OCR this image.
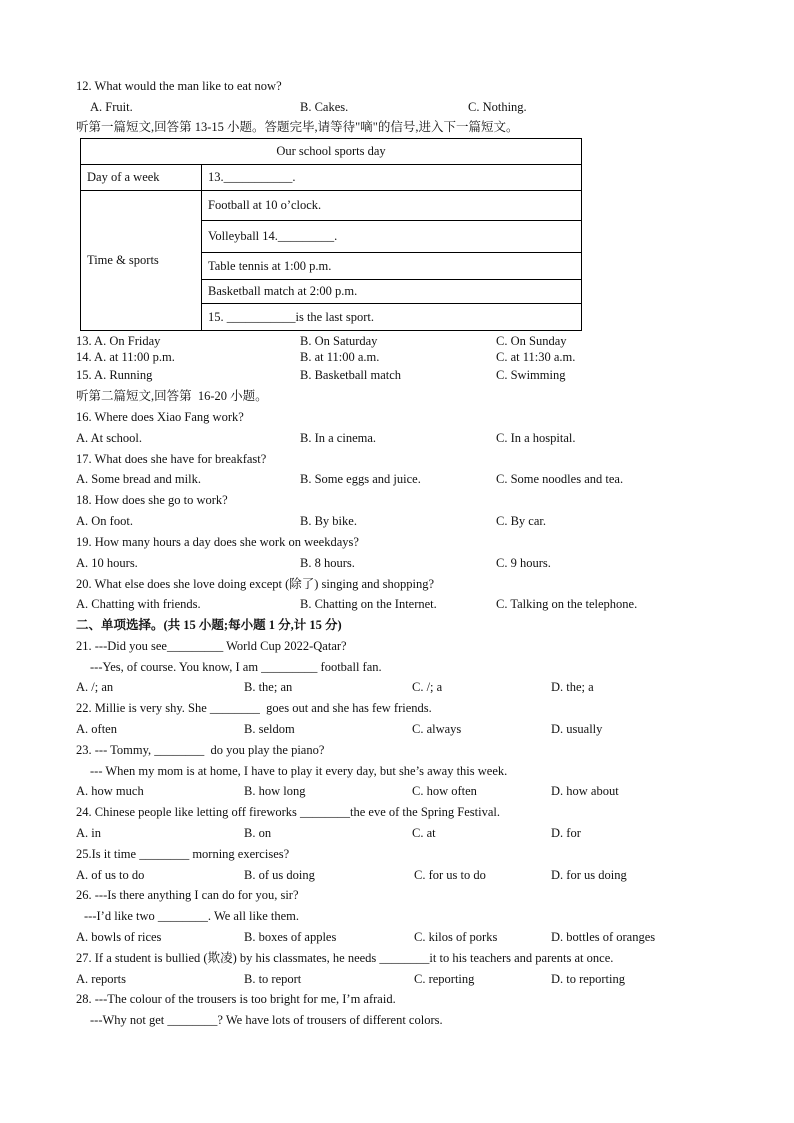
12. What would the man like to eat now?

A. Fruit.

	B. Cakes.

	C. Nothing.

听第一篇短文,回答第 13-15 小题。答题完毕,请等待"嘀"的信号,进入下一篇短文。
Our school sports day	
Day of a week	13.___________.
Time & sports	Football at 10 o’clock.
	Volleyball 14._________.
	Table tennis at 1:00 p.m.
	Basketball match at 2:00 p.m.
	15. ___________is the last sport.

13. A. On Friday

	B. On Saturday

	C. On Sunday

14. A. at 11:00 p.m.

	B. at 11:00 a.m.

	C. at 11:30 a.m.

15. A. Running

	B. Basketball match

	C. Swimming

听第二篇短文,回答第  16-20 小题。
16. Where does Xiao Fang work?

A. At school.

	B. In a cinema.

	C. In a hospital.

17. What does she have for breakfast?

A. Some bread and milk.

	B. Some eggs and juice.

	C. Some noodles and tea.

18. How does she go to work?

A. On foot.

	B. By bike.

	C. By car.

19. How many hours a day does she work on weekdays?

A. 10 hours.

	B. 8 hours.

	C. 9 hours.

20. What else does she love doing except (除了) singing and shopping?

A. Chatting with friends.

	B. Chatting on the Internet.

	C. Talking on the telephone.

二、单项选择。(共 15 小题;每小题 1 分,计 15 分)
21. ---Did you see_________ World Cup 2022-Qatar?
---Yes, of course. You know, I am _________ football fan.

A. /; an

	B. the; an

	C. /; a

	D. the; a

22. Millie is very shy. She ________  goes out and she has few friends.

A. often

	B. seldom

	C. always

	D. usually

23. --- Tommy, ________  do you play the piano?
--- When my mom is at home, I have to play it every day, but she’s away this week.

A. how much

	B. how long

	C. how often

	D. how about

24. Chinese people like letting off fireworks ________the eve of the Spring Festival.

A. in

	B. on

	C. at

	D. for

25.Is it time ________ morning exercises?

A. of us to do

	B. of us doing

	C. for us to do

	D. for us doing

26. ---Is there anything I can do for you, sir?
---I’d like two ________. We all like them.

A. bowls of rices

	B. boxes of apples

	C. kilos of porks

	D. bottles of oranges

27. If a student is bullied (欺凌) by his classmates, he needs ________it to his teachers and parents at once.

A. reports

	B. to report

	C. reporting

	D. to reporting

28. ---The colour of the trousers is too bright for me, I’m afraid.
---Why not get ________? We have lots of trousers of different colors.
